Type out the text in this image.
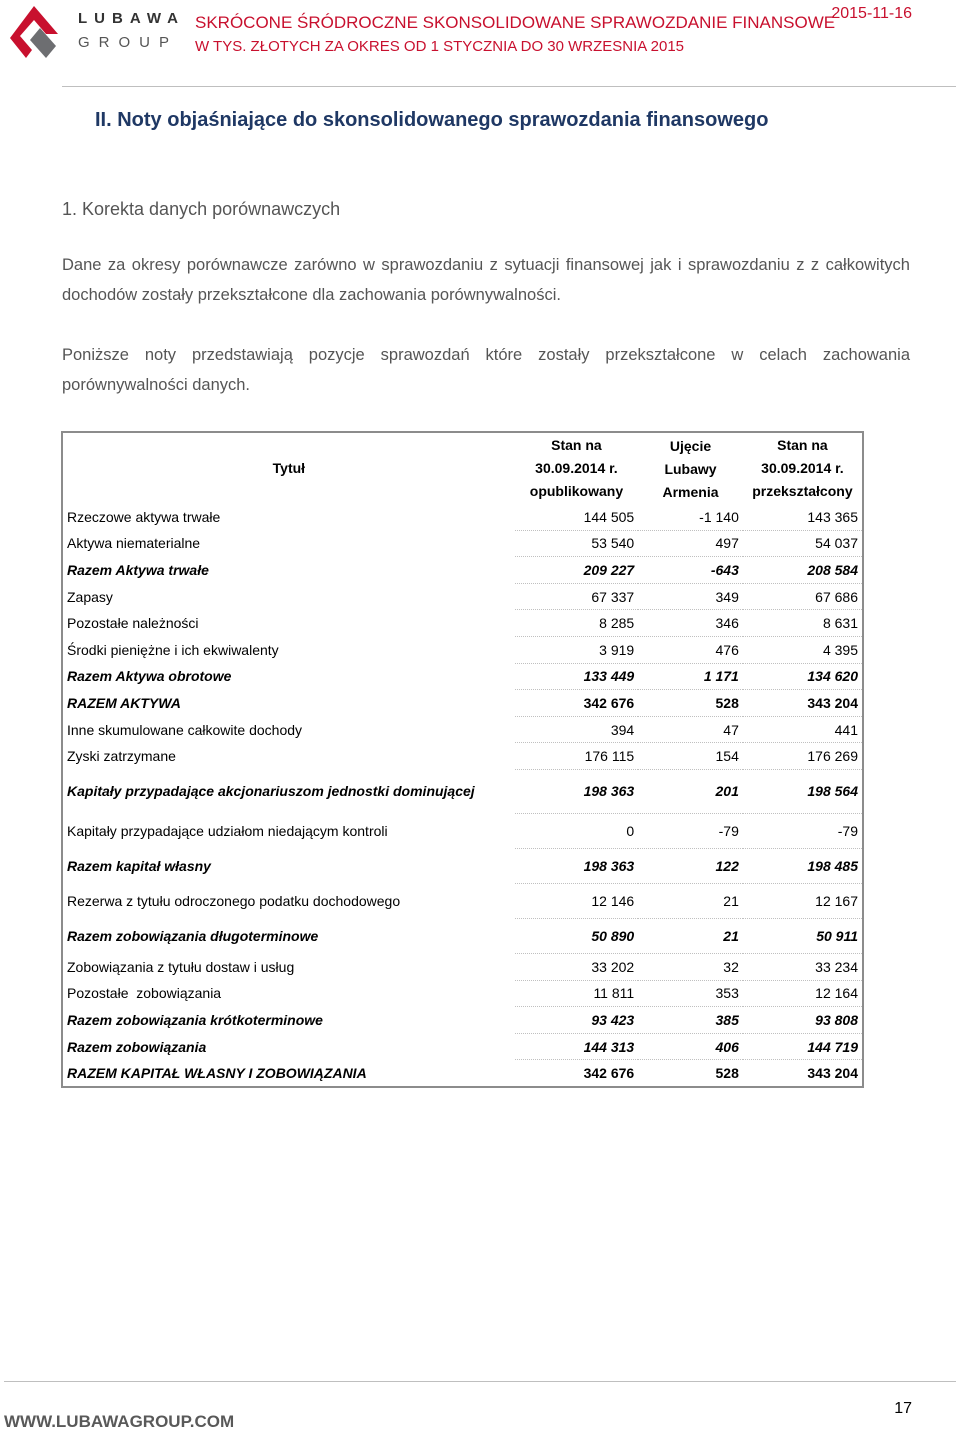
LUBAWA
GROUP
SKRÓCONE ŚRÓDROCZNE SKONSOLIDOWANE SPRAWOZDANIE FINANSOWE
W TYS. ZŁOTYCH ZA OKRES OD 1 STYCZNIA DO 30 WRZESNIA 2015
2015-11-16
II. Noty objaśniające do skonsolidowanego sprawozdania finansowego
1. Korekta danych porównawczych
Dane za okresy porównawcze zarówno w sprawozdaniu z sytuacji finansowej jak i sprawozdaniu z z całkowitych dochodów zostały przekształcone dla zachowania porównywalności.
Poniższe noty przedstawiają pozycje sprawozdań które zostały przekształcone w celach zachowania porównywalności danych.
Tytuł	Stan na 30.09.2014 r. opublikowany	Ujęcie Lubawy Armenia	Stan na 30.09.2014 r. przekształcony
Rzeczowe aktywa trwałe	144 505	-1 140	143 365
Aktywa niematerialne	53 540	497	54 037
Razem Aktywa trwałe	209 227	-643	208 584
Zapasy	67 337	349	67 686
Pozostałe należności	8 285	346	8 631
Środki pieniężne i ich ekwiwalenty	3 919	476	4 395
Razem Aktywa obrotowe	133 449	1 171	134 620
RAZEM AKTYWA	342 676	528	343 204
Inne skumulowane całkowite dochody	394	47	441
Zyski zatrzymane	176 115	154	176 269
Kapitały przypadające akcjonariuszom jednostki dominującej	198 363	201	198 564
Kapitały przypadające udziałom niedającym kontroli	0	-79	-79
Razem kapitał własny	198 363	122	198 485
Rezerwa z tytułu odroczonego podatku dochodowego	12 146	21	12 167
Razem zobowiązania długoterminowe	50 890	21	50 911
Zobowiązania z tytułu dostaw i usług	33 202	32	33 234
Pozostałe  zobowiązania	11 811	353	12 164
Razem zobowiązania krótkoterminowe	93 423	385	93 808
Razem zobowiązania	144 313	406	144 719
RAZEM KAPITAŁ WŁASNY I ZOBOWIĄZANIA	342 676	528	343 204
WWW.LUBAWAGROUP.COM
17
